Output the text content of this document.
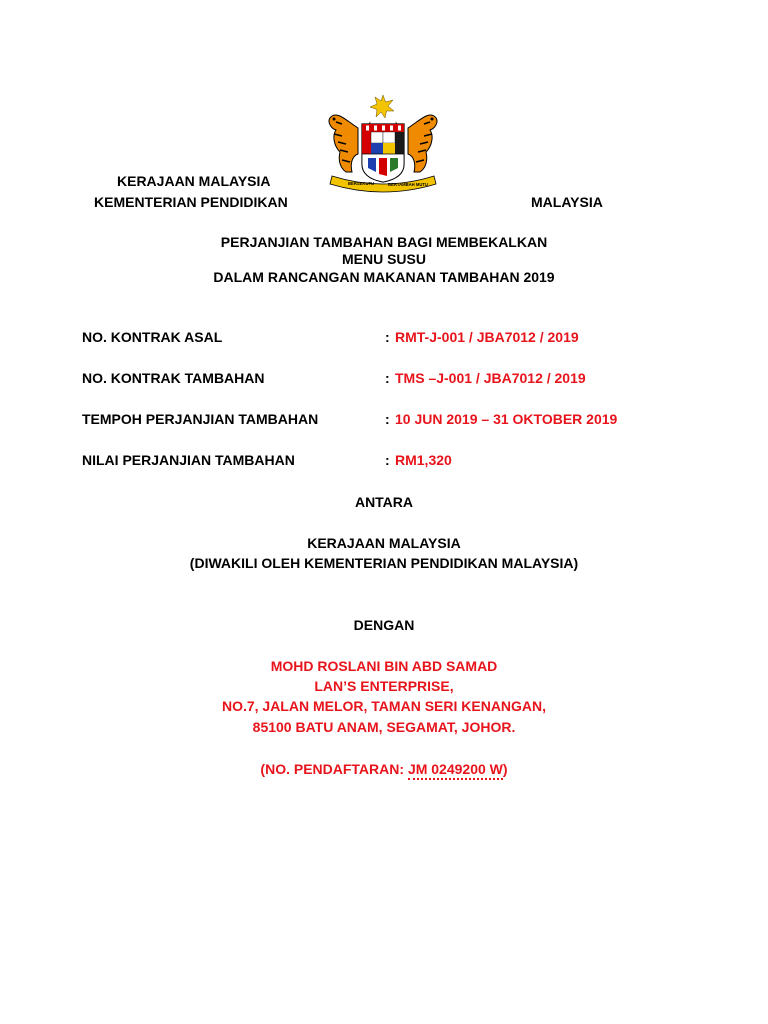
BERSEKUTU	BERTAMBAH MUTU
KERAJAAN MALAYSIA
KEMENTERIAN PENDIDIKAN	MALAYSIA
PERJANJIAN TAMBAHAN BAGI MEMBEKALKAN
MENU SUSU
DALAM RANCANGAN MAKANAN TAMBAHAN 2019
NO. KONTRAK ASAL	: RMT-J-001 / JBA7012 / 2019
NO. KONTRAK TAMBAHAN	: TMS –J-001 / JBA7012 / 2019
TEMPOH PERJANJIAN TAMBAHAN	: 10 JUN 2019 – 31 OKTOBER 2019
NILAI PERJANJIAN TAMBAHAN	: RM1,320
ANTARA
KERAJAAN MALAYSIA
(DIWAKILI OLEH KEMENTERIAN PENDIDIKAN MALAYSIA)
DENGAN
MOHD ROSLANI BIN ABD SAMAD
LAN’S ENTERPRISE,
NO.7, JALAN MELOR, TAMAN SERI KENANGAN,
85100 BATU ANAM, SEGAMAT, JOHOR.
(NO. PENDAFTARAN: JM 0249200 W)
